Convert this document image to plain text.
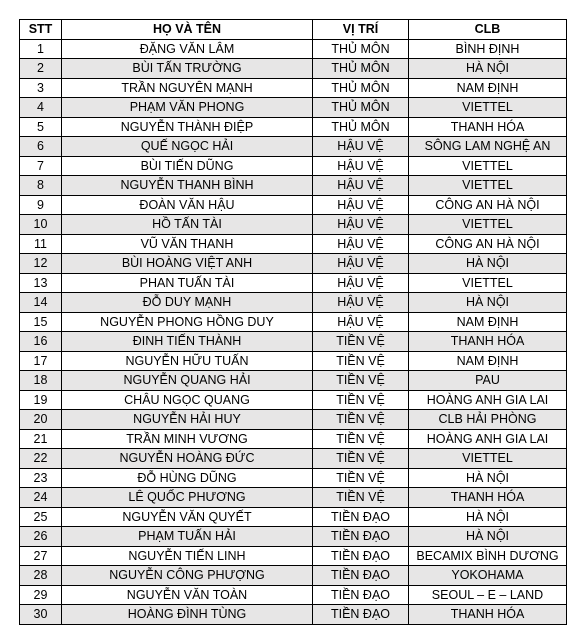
STT	HỌ VÀ TÊN	VỊ TRÍ	CLB
1	ĐẶNG VĂN LÂM	THỦ MÔN	BÌNH ĐỊNH
2	BÙI TẤN TRƯỜNG	THỦ MÔN	HÀ NỘI
3	TRẦN NGUYÊN MẠNH	THỦ MÔN	NAM ĐỊNH
4	PHẠM VĂN PHONG	THỦ MÔN	VIETTEL
5	NGUYỄN THÀNH ĐIỆP	THỦ MÔN	THANH HÓA
6	QUẾ NGỌC HẢI	HẬU VỆ	SÔNG LAM NGHỆ AN
7	BÙI TIẾN DŨNG	HẬU VỆ	VIETTEL
8	NGUYỄN THANH BÌNH	HẬU VỆ	VIETTEL
9	ĐOÀN VĂN HẬU	HẬU VỆ	CÔNG AN HÀ NỘI
10	HỒ TẤN TÀI	HẬU VỆ	VIETTEL
11	VŨ VĂN THANH	HẬU VỆ	CÔNG AN HÀ NỘI
12	BÙI HOÀNG VIỆT ANH	HẬU VỆ	HÀ NỘI
13	PHAN TUẤN TÀI	HẬU VỆ	VIETTEL
14	ĐỖ DUY MẠNH	HẬU VỆ	HÀ NỘI
15	NGUYỄN PHONG HỒNG DUY	HẬU VỆ	NAM ĐỊNH
16	ĐINH TIẾN THÀNH	TIỀN VỆ	THANH HÓA
17	NGUYỄN HỮU TUẤN	TIỀN VỆ	NAM ĐỊNH
18	NGUYỄN QUANG HẢI	TIỀN VỆ	PAU
19	CHÂU NGỌC QUANG	TIỀN VỆ	HOÀNG ANH GIA LAI
20	NGUYỄN HẢI HUY	TIỀN VỆ	CLB HẢI PHÒNG
21	TRẦN MINH VƯƠNG	TIỀN VỆ	HOÀNG ANH GIA LAI
22	NGUYỄN HOÀNG ĐỨC	TIỀN VỆ	VIETTEL
23	ĐỖ HÙNG DŨNG	TIỀN VỆ	HÀ NỘI
24	LÊ QUỐC PHƯƠNG	TIỀN VỆ	THANH HÓA
25	NGUYỄN VĂN QUYẾT	TIỀN ĐẠO	HÀ NỘI
26	PHẠM TUẤN HẢI	TIỀN ĐẠO	HÀ NỘI
27	NGUYỄN TIẾN LINH	TIỀN ĐẠO	BECAMIX BÌNH DƯƠNG
28	NGUYỄN CÔNG PHƯỢNG	TIỀN ĐẠO	YOKOHAMA
29	NGUYỄN VĂN TOÀN	TIỀN ĐẠO	SEOUL – E – LAND
30	HOÀNG ĐÌNH TÙNG	TIỀN ĐẠO	THANH HÓA
